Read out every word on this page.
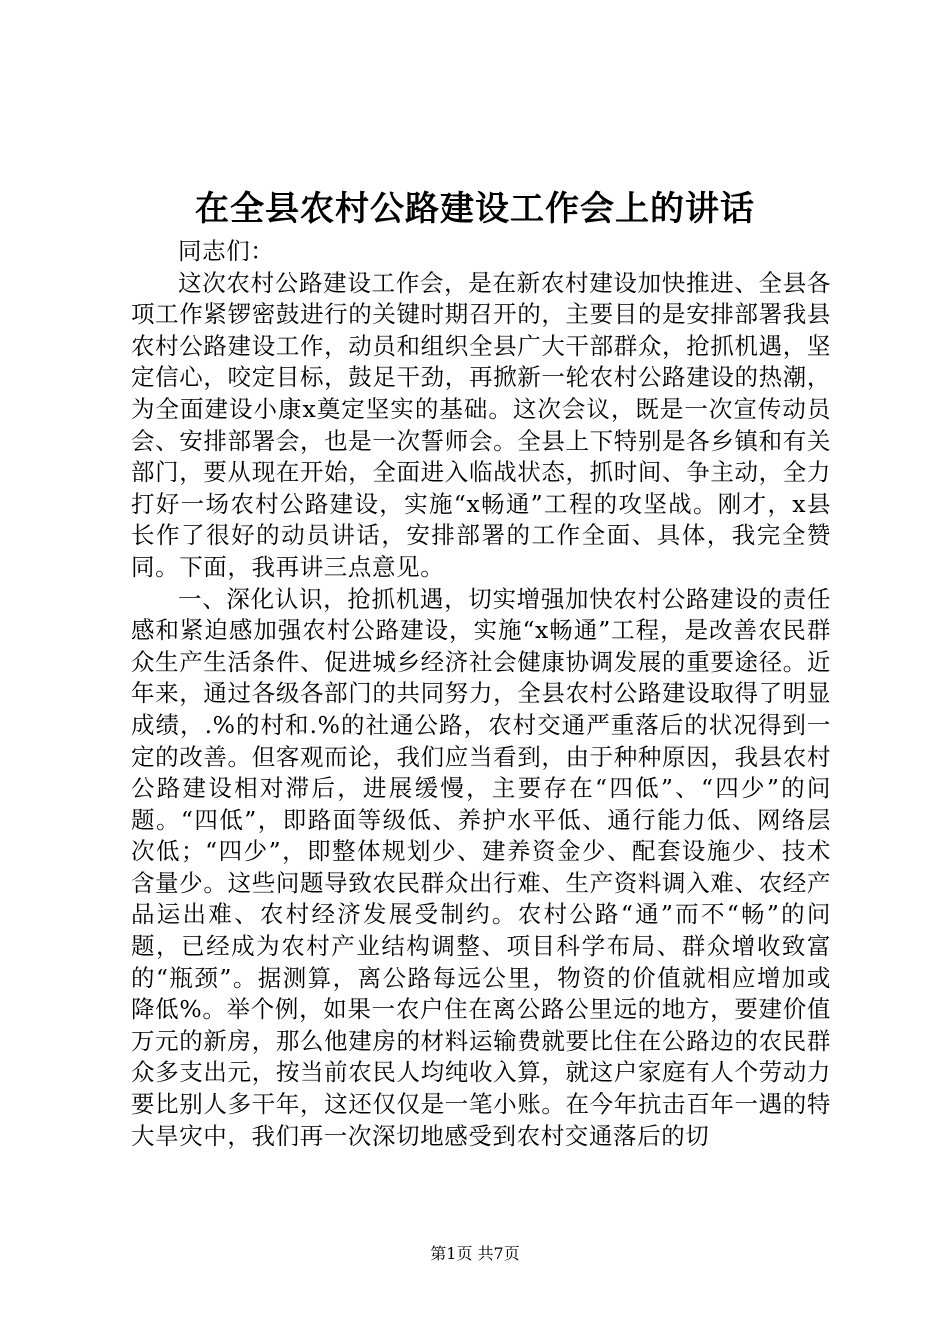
在全县农村公路建设工作会上的讲话

同志们：

这次农村公路建设工作会，是在新农村建设加快推进、全县各项工作紧锣密鼓进行的关键时期召开的，主要目的是安排部署我县农村公路建设工作，动员和组织全县广大干部群众，抢抓机遇，坚定信心，咬定目标，鼓足干劲，再掀新一轮农村公路建设的热潮，为全面建设小康x奠定坚实的基础。这次会议，既是一次宣传动员会、安排部署会，也是一次誓师会。全县上下特别是各乡镇和有关部门，要从现在开始，全面进入临战状态，抓时间、争主动，全力打好一场农村公路建设，实施“x畅通”工程的攻坚战。刚才，x县长作了很好的动员讲话，安排部署的工作全面、具体，我完全赞同。下面，我再讲三点意见。

一、深化认识，抢抓机遇，切实增强加快农村公路建设的责任感和紧迫感加强农村公路建设，实施“x畅通”工程，是改善农民群众生产生活条件、促进城乡经济社会健康协调发展的重要途径。近年来，通过各级各部门的共同努力，全县农村公路建设取得了明显成绩，.%的村和.%的社通公路，农村交通严重落后的状况得到一定的改善。但客观而论，我们应当看到，由于种种原因，我县农村公路建设相对滞后，进展缓慢，主要存在“四低”、“四少”的问题。“四低”，即路面等级低、养护水平低、通行能力低、网络层次低；“四少”，即整体规划少、建养资金少、配套设施少、技术含量少。这些问题导致农民群众出行难、生产资料调入难、农经产品运出难、农村经济发展受制约。农村公路“通”而不“畅”的问题，已经成为农村产业结构调整、项目科学布局、群众增收致富的“瓶颈”。据测算，离公路每远公里，物资的价值就相应增加或降低%。举个例，如果一农户住在离公路公里远的地方，要建价值万元的新房，那么他建房的材料运输费就要比住在公路边的农民群众多支出元，按当前农民人均纯收入算，就这户家庭有人个劳动力要比别人多干年，这还仅仅是一笔小账。在今年抗击百年一遇的特大旱灾中，我们再一次深切地感受到农村交通落后的切

第1页 共7页
